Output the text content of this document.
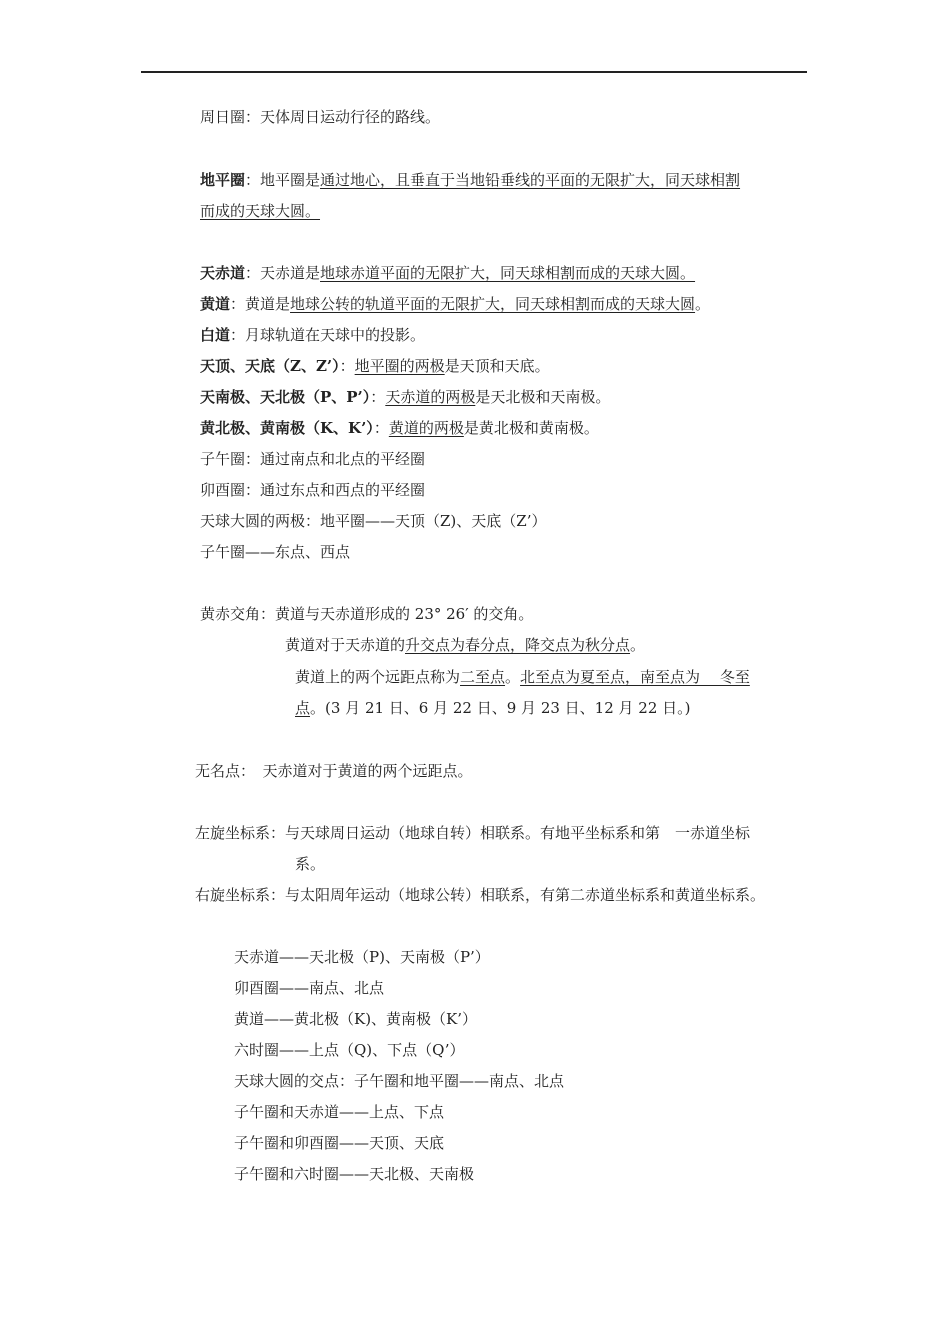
周日圈：天体周日运动行径的路线。
地平圈：地平圈是通过地心，且垂直于当地铅垂线的平面的无限扩大，同天球相割
而成的天球大圆。
天赤道：天赤道是地球赤道平面的无限扩大，同天球相割而成的天球大圆。
黄道：黄道是地球公转的轨道平面的无限扩大，同天球相割而成的天球大圆。
白道：月球轨道在天球中的投影。
天顶、天底（Z、Z’）：地平圈的两极是天顶和天底。
天南极、天北极（P、P’）：天赤道的两极是天北极和天南极。
黄北极、黄南极（K、K’）：黄道的两极是黄北极和黄南极。
子午圈：通过南点和北点的平经圈
卯酉圈：通过东点和西点的平经圈
天球大圆的两极：地平圈——天顶（Z)、天底（Z’）
子午圈——东点、西点
黄赤交角：黄道与天赤道形成的 23° 26′ 的交角。
黄道对于天赤道的升交点为春分点，降交点为秋分点。
黄道上的两个远距点称为二至点。北至点为夏至点，南至点为　 冬至
点。(3 月 21 日、6 月 22 日、9 月 23 日、12 月 22 日。)
无名点：　天赤道对于黄道的两个远距点。
左旋坐标系：与天球周日运动（地球自转）相联系。有地平坐标系和第　一赤道坐标
系。
右旋坐标系：与太阳周年运动（地球公转）相联系，有第二赤道坐标系和黄道坐标系。
天赤道——天北极（P)、天南极（P’）
卯酉圈——南点、北点
黄道——黄北极（K)、黄南极（K’）
六时圈——上点（Q)、下点（Q’）
天球大圆的交点：子午圈和地平圈——南点、北点
子午圈和天赤道——上点、下点
子午圈和卯酉圈——天顶、天底
子午圈和六时圈——天北极、天南极
